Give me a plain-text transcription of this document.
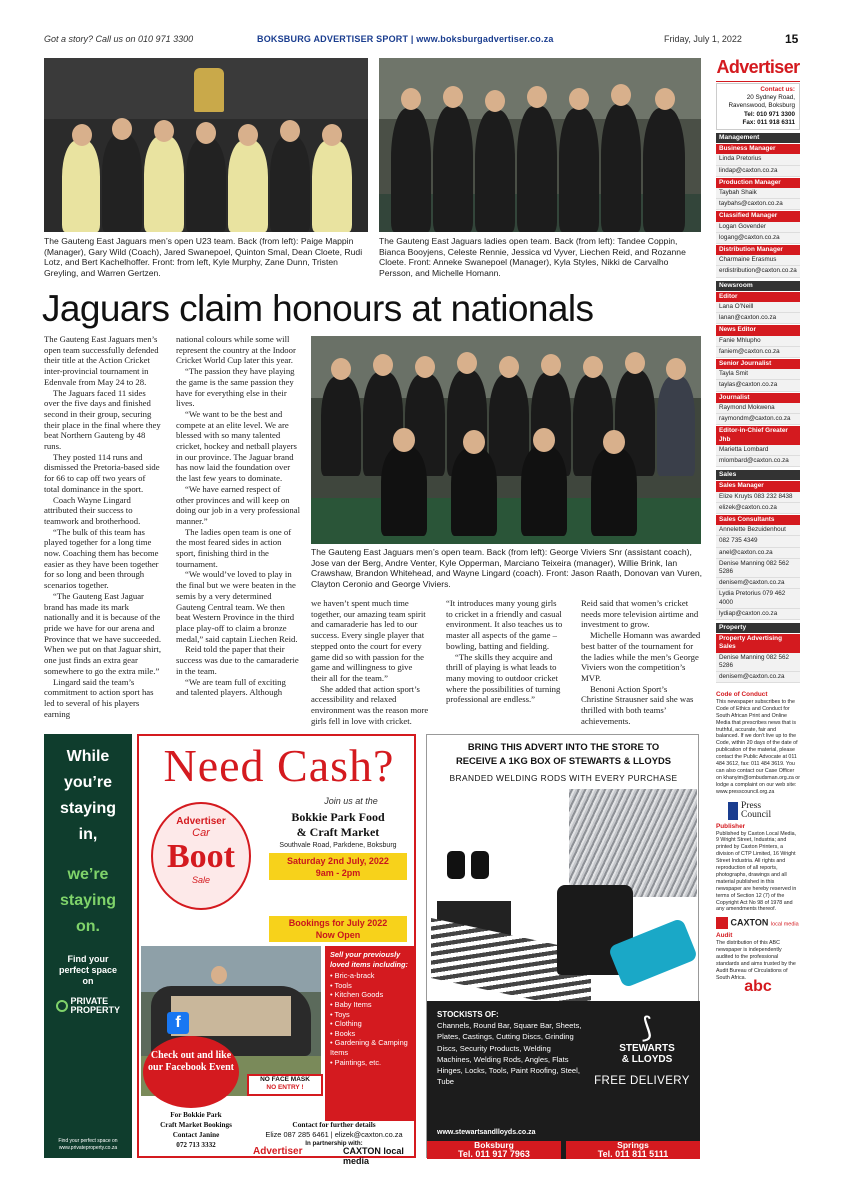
Got a story? Call us on 010 971 3300	BOKSBURG ADVERTISER SPORT | www.boksburgadvertiser.co.za	Friday, July 1, 2022	15
The Gauteng East Jaguars men’s open U23 team. Back (from left): Paige Mappin (Manager), Gary Wild (Coach), Jared Swanepoel, Quinton Smal, Dean Cloete, Rudi Lotz, and Bert Kachelhoffer. Front: from left, Kyle Murphy, Zane Dunn, Tristen Greyling, and Warren Gertzen.
The Gauteng East Jaguars ladies open team. Back (from left): Tandee Coppin, Bianca Booyjens, Celeste Rennie, Jessica vd Vyver, Liechen Reid, and Rozanne Cloete. Front: Anneke Swanepoel (Manager), Kyla Styles, Nikki de Carvalho Persson, and Michelle Homann.
Jaguars claim honours at nationals

The Gauteng East Jaguars men’s open team successfully defended their title at the Action Cricket inter-provincial tournament in Edenvale from May 24 to 28.

The Jaguars faced 11 sides over the five days and finished second in their group, securing their place in the final where they beat Northern Gauteng by 48 runs.

They posted 114 runs and dismissed the Pretoria-based side for 66 to cap off two years of total dominance in the sport.

Coach Wayne Lingard attributed their success to teamwork and brotherhood.

“The bulk of this team has played together for a long time now. Coaching them has become easier as they have been together for so long and been through scenarios together.

“The Gauteng East Jaguar brand has made its mark nationally and it is because of the pride we have for our arena and Province that we have succeeded. When we put on that Jaguar shirt, one just finds an extra gear somewhere to go the extra mile.”

Lingard said the team’s commitment to action sport has led to several of his players earning

national colours while some will represent the country at the Indoor Cricket World Cup later this year.

“The passion they have playing the game is the same passion they have for everything else in their lives.

“We want to be the best and compete at an elite level. We are blessed with so many talented cricket, hockey and netball players in our province. The Jaguar brand has now laid the foundation over the last few years to dominate.

“We have earned respect of other provinces and will keep on doing our job in a very professional manner.”

The ladies open team is one of the most feared sides in action sport, finishing third in the tournament.

“We would’ve loved to play in the final but we were beaten in the semis by a very determined Gauteng Central team. We then beat Western Province in the third place play-off to claim a bronze medal,” said captain Liechen Reid.

Reid told the paper that their success was due to the camaraderie in the team.

“We are team full of exciting and talented players. Although

The Gauteng East Jaguars men’s open team. Back (from left): George Viviers Snr (assistant coach), Jose van der Berg, Andre Venter, Kyle Opperman, Marciano Teixeira (manager), Willie Brink, Ian Crawshaw, Brandon Whitehead, and Wayne Lingard (coach). Front: Jason Raath, Donovan van Vuren, Clayton Ceronio and George Viviers.

we haven’t spent much time together, our amazing team spirit and camaraderie has led to our success. Every single player that stepped onto the court for every game did so with passion for the game and willingness to give their all for the team.”

She added that action sport’s accessibility and relaxed environment was the reason more girls fell in love with cricket.

“It introduces many young girls to cricket in a friendly and casual environment. It also teaches us to master all aspects of the game – bowling, batting and fielding.

“The skills they acquire and thrill of playing is what leads to many moving to outdoor cricket where the possibilities of turning professional are endless.”

Reid said that women’s cricket needs more television airtime and investment to grow.

Michelle Homann was awarded best batter of the tournament for the ladies while the men’s George Viviers won the competition’s MVP.

Benoni Action Sport’s Christine Strausner said she was thrilled with both teams’ achievements.

Advertiser
Contact us:
20 Sydney Road,
Ravenswood, Boksburg
Tel: 010 971 3300
Fax: 011 918 6311
Management
Business Manager
Linda Pretorius
lindap@caxton.co.za
Production Manager
Taybah Shaik
taybahs@caxton.co.za
Classified Manager
Logan Govender
logang@caxton.co.za
Distribution Manager
Charmaine Erasmus
erdistribution@caxton.co.za
Newsroom
Editor
Lana O’Neill
lanan@caxton.co.za
News Editor
Fanie Mhlupho
faniem@caxton.co.za
Senior Journalist
Tayla Smit
taylas@caxton.co.za
Journalist
Raymond Mokwena
raymondm@caxton.co.za
Editor-in-Chief Greater Jhb
Marietta Lombard
mlombard@caxton.co.za
Sales
Sales Manager
Elize Kruyts 083 232 8438
elizek@caxton.co.za
Sales Consultants
Annelette Bezuidenhout
082 735 4349
anel@caxton.co.za
Denise Manning 082 562 5286
denisem@caxton.co.za
Lydia Pretorius 079 462 4000
lydiap@caxton.co.za
Property
Property Advertising Sales
Denise Manning 082 562 5286
denisem@caxton.co.za
Code of Conduct
This newspaper subscribes to the Code of Ethics and Conduct for South African Print and Online Media that prescribes news that is truthful, accurate, fair and balanced. If we don’t live up to the Code, within 20 days of the date of publication of the material, please contact the Public Advocate at 011 484 3612, fax: 011 484 3619. You can also contact our Case Officer on khanyim@ombudsman.org.za or lodge a complaint on our web site: www.presscouncil.org.za
Press
Council
Publisher
Published by Caxton Local Media, 9 Wright Street, Industria; and printed by Caxton Printers, a division of CTP Limited, 16 Wright Street Industria. All rights and reproduction of all reports, photographs, drawings and all material published in this newspaper are hereby reserved in terms of Section 12 (7) of the Copyright Act No 98 of 1978 and any amendments thereof.
CAXTON local media
Audit
The distribution of this ABC newspaper is independently audited to the professional standards and aims trusted by the Audit Bureau of Circulations of South Africa.
abc
While
you’re
staying
in,
we’re
staying
on.
Find your perfect space on
PRIVATE
PROPERTY
Find your perfect space on
www.privateproperty.co.za
Need Cash?
Join us at the
Bokkie Park Food
& Craft Market
Southvale Road, Parkdene, Boksburg
Saturday 2nd July, 2022
9am - 2pm
Advertiser
Car
Boot
Sale
Bookings for July 2022
Now Open
Sell your previously loved items including:
• Bric-a-brack
• Tools
• Kitchen Goods
• Baby Items
• Toys
• Clothing
• Books
• Gardening & Camping Items
• Paintings, etc.
Check out and like our Facebook Event
f
NO FACE MASK
NO ENTRY !
For Bokkie Park
Craft Market Bookings
Contact Janine
072 713 3332
Contact for further details
Elize 087 285 6461 | elizek@caxton.co.za
In partnership with:
Advertiser	CAXTON local media
BRING THIS ADVERT INTO THE STORE TO
RECEIVE A 1KG BOX OF STEWARTS & LLOYDS
BRANDED WELDING RODS WITH EVERY PURCHASE
STOCKISTS OF:
Channels, Round Bar, Square Bar, Sheets, Plates, Castings, Cutting Discs, Grinding Discs, Security Products, Welding Machines, Welding Rods, Angles, Flats Hinges, Locks, Tools, Paint Roofing, Steel, Tube
www.stewartsandlloyds.co.za
⟆
STEWARTS
& LLOYDS
FREE DELIVERY
Boksburg
Tel. 011 917 7963
Springs
Tel. 011 811 5111
